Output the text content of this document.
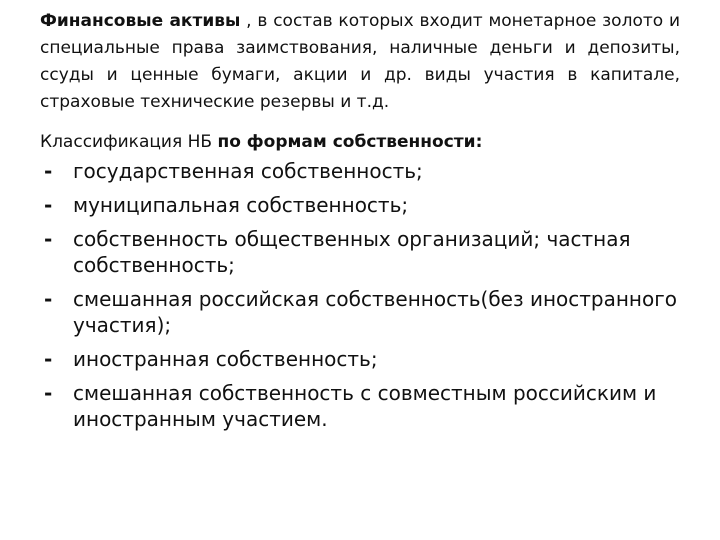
Финансовые активы , в состав которых входит монетарное золото и специальные права заимствования, наличные деньги и депозиты, ссуды и ценные бумаги, акции и др. виды участия в капитале, страховые технические резервы и т.д.

Классификация НБ по формам собственности:

- государственная собственность;
- муниципальная собственность;
- собственность общественных организаций; частная собственность;
- смешанная российская собственность(без иностранного участия);
- иностранная собственность;
- смешанная собственность с совместным российским и иностранным участием.
